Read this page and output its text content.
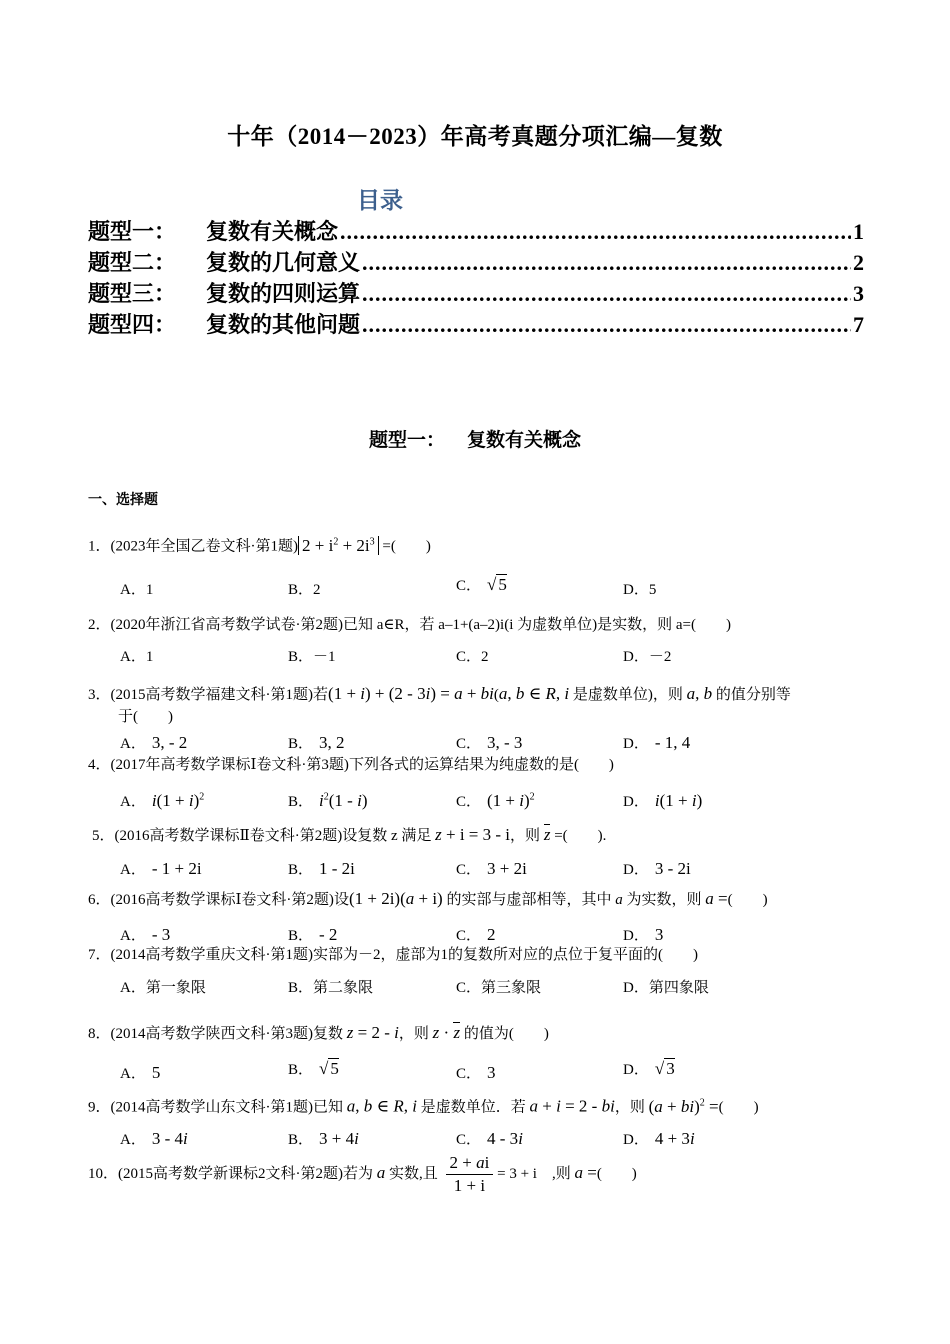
十年（2014－2023）年高考真题分项汇编—复数
目录
题型一： 复数有关概念 .....	1
题型二： 复数的几何意义 .....	2
题型三： 复数的四则运算 .....	3
题型四： 复数的其他问题 .....	7
题型一： 复数有关概念
一、选择题
1．(2023年全国乙卷文科·第1题) $2 + i^2 + 2i^3$ =(　　)
A．1	B．2	C． √ 5	D．5
2．(2020年浙江省高考数学试卷·第2题)已知 a∈R，若 a–1+(a–2)i(i 为虚数单位)是实数，则 a=(　　)
A．1	B．－1	C．2	D．－2
3．(2015高考数学福建文科·第1题)若(1 + i) + (2 - 3i) = a + bi(a, b ∈ R, i 是虚数单位)，则 a, b 的值分别等
于(　　)
A． 3, - 2	B． 3, 2	C． 3, - 3	D． - 1, 4
4．(2017年高考数学课标Ⅰ卷文科·第3题)下列各式的运算结果为纯虚数的是(　　)
A． $i(1 + i)^2$	B． $i^2(1 - i)$	C． $(1 + i)^2$	D． i(1 + i)
5．(2016高考数学课标Ⅱ卷文科·第2题)设复数 z 满足 z + i = 3 - i，则 z =(　　).
A． - 1 + 2i	B． 1 - 2i	C． 3 + 2i	D． 3 - 2i
6．(2016高考数学课标Ⅰ卷文科·第2题)设(1 + 2i)(a + i) 的实部与虚部相等，其中 a 为实数，则 a =(　　)
A． - 3	B． - 2	C． 2	D． 3
7．(2014高考数学重庆文科·第1题)实部为－2，虚部为1的复数所对应的点位于复平面的(　　)
A．第一象限	B．第二象限	C．第三象限	D．第四象限
8．(2014高考数学陕西文科·第3题)复数 z = 2 - i，则 z · z 的值为(　　)
A． 5	B． √ 5	C． 3	D． √ 3
9．(2014高考数学山东文科·第1题)已知 a, b ∈ R, i 是虚数单位．若 a + i = 2 - bi，则 (a + bi)$^2$ =(　　)
A． 3 - 4i	B． 3 + 4i	C． 4 - 3i	D． 4 + 3i
10．(2015高考数学新课标2文科·第2题)若为 a 实数,且 $\frac{2 + ai}{1 + i} = 3 + i$　,则 a =(　　)
